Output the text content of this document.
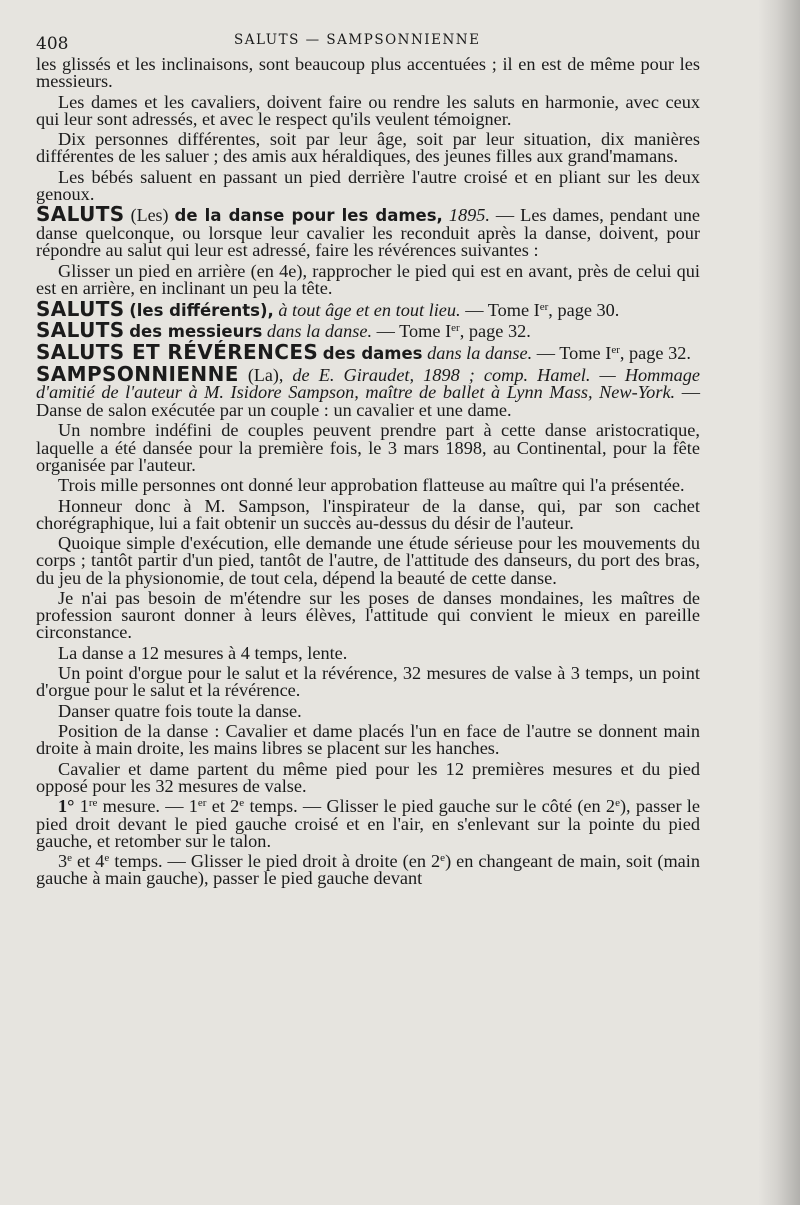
408	SALUTS — SAMPSONNIENNE

les glissés et les inclinaisons, sont beaucoup plus accentuées ; il en est de même pour les messieurs.

Les dames et les cavaliers, doivent faire ou rendre les saluts en harmonie, avec ceux qui leur sont adressés, et avec le respect qu'ils veulent témoigner.

Dix personnes différentes, soit par leur âge, soit par leur situation, dix manières différentes de les saluer ; des amis aux héraldiques, des jeunes filles aux grand'mamans.

Les bébés saluent en passant un pied derrière l'autre croisé et en pliant sur les deux genoux.

SALUTS (Les) de la danse pour les dames, 1895. — Les dames, pendant une danse quelconque, ou lorsque leur cavalier les reconduit après la danse, doivent, pour répondre au salut qui leur est adressé, faire les révérences suivantes :

Glisser un pied en arrière (en 4e), rapprocher le pied qui est en avant, près de celui qui est en arrière, en inclinant un peu la tête.

SALUTS (les différents), à tout âge et en tout lieu. — Tome Ier, page 30.

SALUTS des messieurs dans la danse. — Tome Ier, page 32.

SALUTS ET RÉVÉRENCES des dames dans la danse. — Tome Ier, page 32.

SAMPSONNIENNE (La), de E. Giraudet, 1898 ; comp. Hamel. — Hommage d'amitié de l'auteur à M. Isidore Sampson, maître de ballet à Lynn Mass, New-York. — Danse de salon exécutée par un couple : un cavalier et une dame.

Un nombre indéfini de couples peuvent prendre part à cette danse aristocratique, laquelle a été dansée pour la première fois, le 3 mars 1898, au Continental, pour la fête organisée par l'auteur.

Trois mille personnes ont donné leur approbation flatteuse au maître qui l'a présentée.

Honneur donc à M. Sampson, l'inspirateur de la danse, qui, par son cachet chorégraphique, lui a fait obtenir un succès au-dessus du désir de l'auteur.

Quoique simple d'exécution, elle demande une étude sérieuse pour les mouvements du corps ; tantôt partir d'un pied, tantôt de l'autre, de l'attitude des danseurs, du port des bras, du jeu de la physionomie, de tout cela, dépend la beauté de cette danse.

Je n'ai pas besoin de m'étendre sur les poses de danses mondaines, les maîtres de profession sauront donner à leurs élèves, l'attitude qui convient le mieux en pareille circonstance.

La danse a 12 mesures à 4 temps, lente.

Un point d'orgue pour le salut et la révérence, 32 mesures de valse à 3 temps, un point d'orgue pour le salut et la révérence.

Danser quatre fois toute la danse.

Position de la danse : Cavalier et dame placés l'un en face de l'autre se donnent main droite à main droite, les mains libres se placent sur les hanches.

Cavalier et dame partent du même pied pour les 12 premières mesures et du pied opposé pour les 32 mesures de valse.

1° 1re mesure. — 1er et 2e temps. — Glisser le pied gauche sur le côté (en 2e), passer le pied droit devant le pied gauche croisé et en l'air, en s'enlevant sur la pointe du pied gauche, et retomber sur le talon.

3e et 4e temps. — Glisser le pied droit à droite (en 2e) en changeant de main, soit (main gauche à main gauche), passer le pied gauche devant
